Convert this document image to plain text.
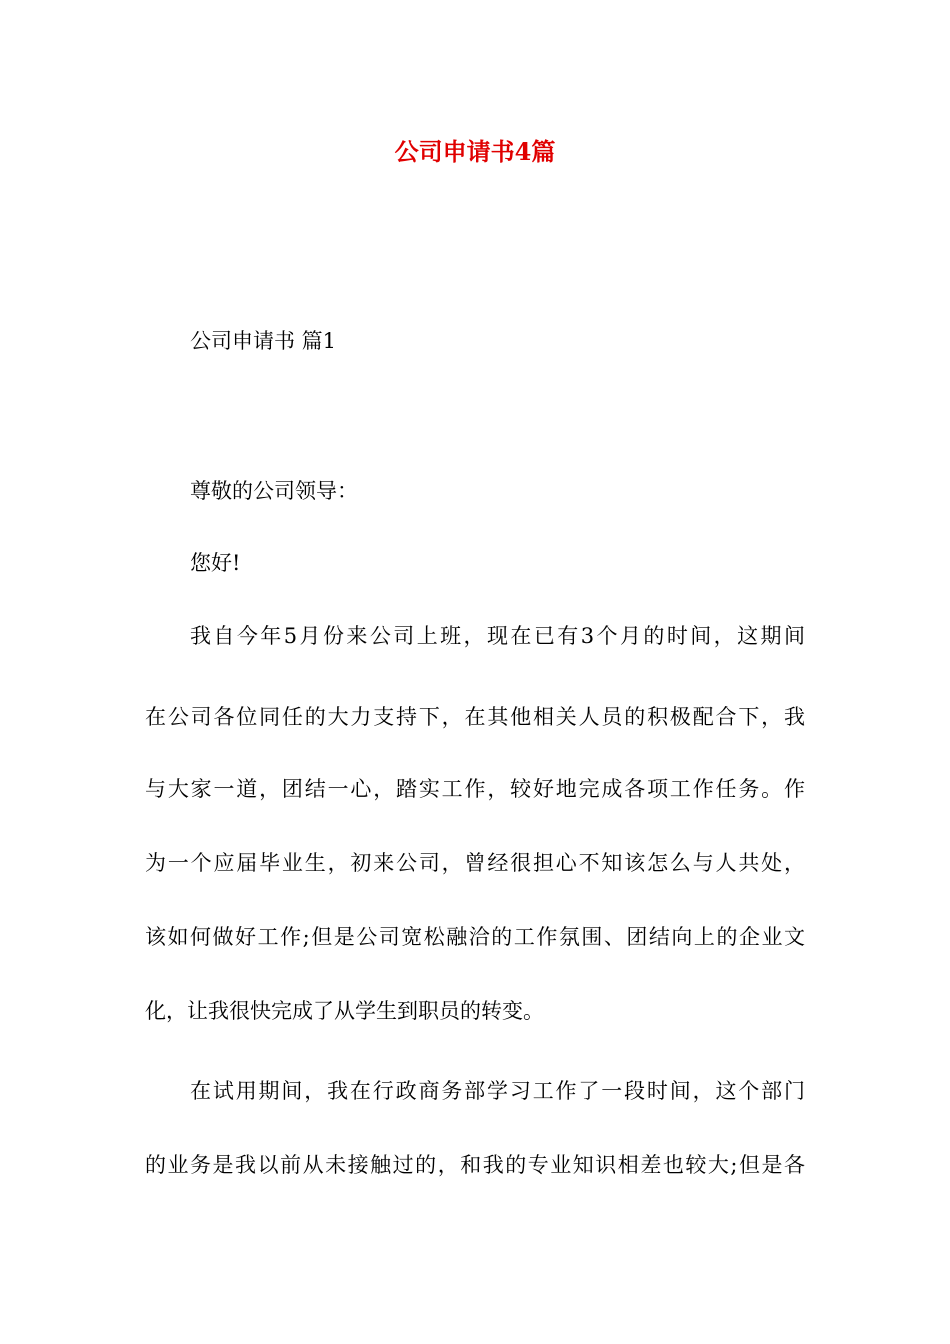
公司申请书4篇

公司申请书 篇1

尊敬的公司领导：

您好!

我自今年5月份来公司上班，现在已有3个月的时间，这期间

在公司各位同任的大力支持下，在其他相关人员的积极配合下，我

与大家一道，团结一心，踏实工作，较好地完成各项工作任务。作

为一个应届毕业生，初来公司，曾经很担心不知该怎么与人共处，

该如何做好工作;但是公司宽松融洽的工作氛围、团结向上的企业文

化，让我很快完成了从学生到职员的转变。

在试用期间，我在行政商务部学习工作了一段时间，这个部门

的业务是我以前从未接触过的，和我的专业知识相差也较大;但是各
